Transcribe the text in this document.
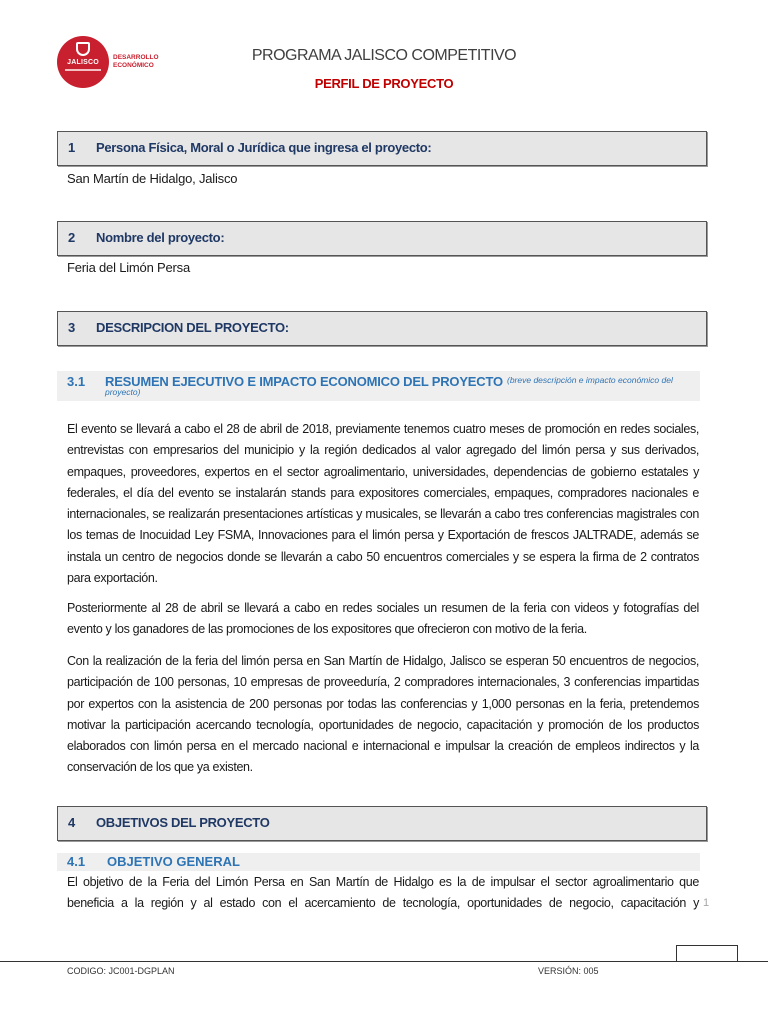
JALISCO
DESARROLLO
ECONÓMICO
PROGRAMA JALISCO COMPETITIVO
PERFIL DE PROYECTO
1 Persona Física, Moral o Jurídica que ingresa el proyecto:
San Martín de Hidalgo, Jalisco
2 Nombre del proyecto:
Feria del Limón Persa
3 DESCRIPCION DEL PROYECTO:
3.1 RESUMEN EJECUTIVO E IMPACTO ECONOMICO DEL PROYECTO (breve descripción e impacto económico del proyecto)
El evento se llevará a cabo el 28 de abril de 2018, previamente tenemos cuatro meses de promoción en redes sociales, entrevistas con empresarios del municipio y la región dedicados al valor agregado del limón persa y sus derivados, empaques, proveedores, expertos en el sector agroalimentario, universidades, dependencias de gobierno estatales y federales, el día del evento se instalarán stands para expositores comerciales, empaques, compradores nacionales e internacionales, se realizarán presentaciones artísticas y musicales, se llevarán a cabo tres conferencias magistrales con los temas de Inocuidad Ley FSMA, Innovaciones para el limón persa y Exportación de frescos JALTRADE, además se instala un centro de negocios donde se llevarán a cabo 50 encuentros comerciales y se espera la firma de 2 contratos para exportación.
Posteriormente al 28 de abril se llevará a cabo en redes sociales un resumen de la feria con videos y fotografías del evento y los ganadores de las promociones de los expositores que ofrecieron con motivo de la feria.
Con la realización de la feria del limón persa en San Martín de Hidalgo, Jalisco se esperan 50 encuentros de negocios, participación de 100 personas, 10 empresas de proveeduría, 2 compradores internacionales, 3 conferencias impartidas por expertos con la asistencia de 200 personas por todas las conferencias y 1,000 personas en la feria, pretendemos motivar la participación acercando tecnología, oportunidades de negocio, capacitación y promoción de los productos elaborados con limón persa en el mercado nacional e internacional e impulsar la creación de empleos indirectos y la conservación de los que ya existen.
4 OBJETIVOS DEL PROYECTO
4.1 OBJETIVO GENERAL
El objetivo de la Feria del Limón Persa en San Martín de Hidalgo es la de impulsar el sector agroalimentario que beneficia a la región y al estado con el acercamiento de tecnología, oportunidades de negocio, capacitación y 1
CODIGO: JC001-DGPLAN	VERSIÓN: 005
